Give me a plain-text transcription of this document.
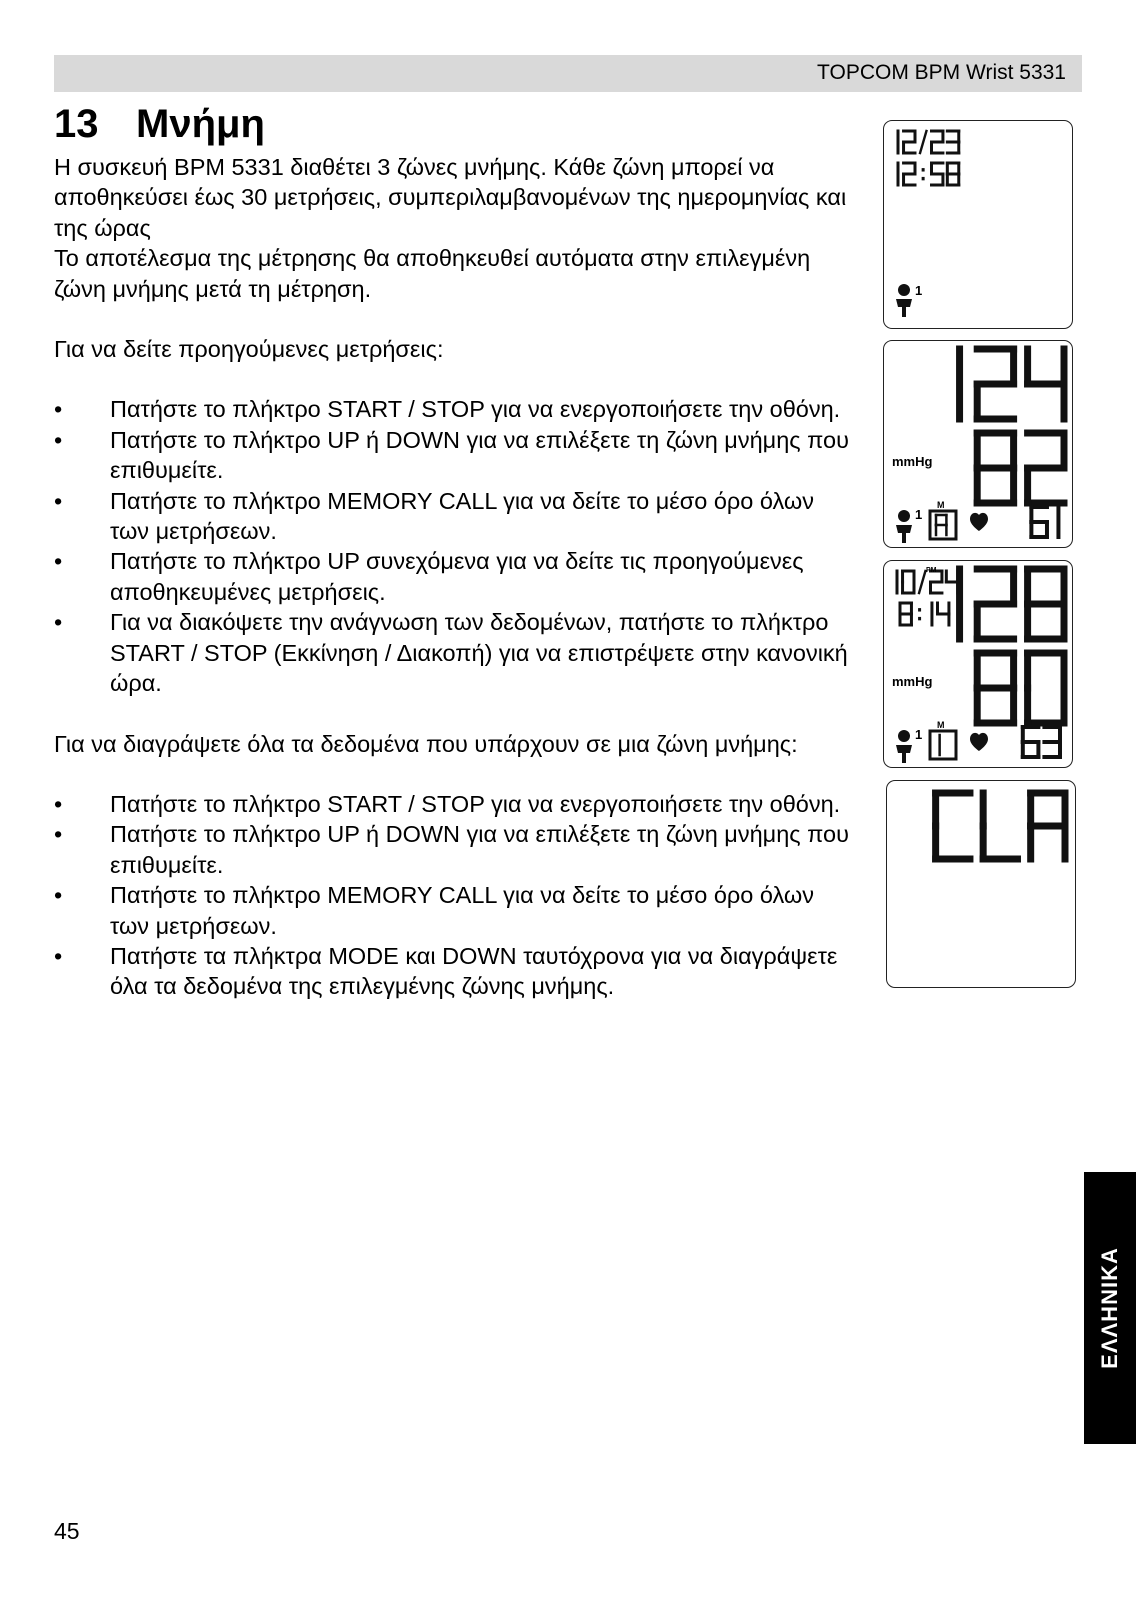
TOPCOM BPM Wrist 5331
13 Μνήμη

Η συσκευή BPM 5331 διαθέτει 3 ζώνες μνήμης. Κάθε ζώνη μπορεί να αποθηκεύσει έως 30 μετρήσεις, συμπεριλαμβανομένων της ημερομηνίας και της ώρας

Το αποτέλεσμα της μέτρησης θα αποθηκευθεί αυτόματα στην επιλεγμένη ζώνη μνήμης μετά τη μέτρηση.

Για να δείτε προηγούμενες μετρήσεις:

• Πατήστε το πλήκτρο START / STOP για να ενεργοποιήσετε την οθόνη.
• Πατήστε το πλήκτρο UP ή DOWN για να επιλέξετε τη ζώνη μνήμης που επιθυμείτε.
• Πατήστε το πλήκτρο MEMORY CALL για να δείτε το μέσο όρο όλων των μετρήσεων.
• Πατήστε το πλήκτρο UP συνεχόμενα για να δείτε τις προηγούμενες αποθηκευμένες μετρήσεις.
• Για να διακόψετε την ανάγνωση των δεδομένων, πατήστε το πλήκτρο START / STOP (Εκκίνηση / Διακοπή) για να επιστρέψετε στην κανονική ώρα.

Για να διαγράψετε όλα τα δεδομένα που υπάρχουν σε μια ζώνη μνήμης:

• Πατήστε το πλήκτρο START / STOP για να ενεργοποιήσετε την οθόνη.
• Πατήστε το πλήκτρο UP ή DOWN για να επιλέξετε τη ζώνη μνήμης που επιθυμείτε.
• Πατήστε το πλήκτρο MEMORY CALL για να δείτε το μέσο όρο όλων των μετρήσεων.
• Πατήστε τα πλήκτρα MODE και DOWN ταυτόχρονα για να διαγράψετε όλα τα δεδομένα της επιλεγμένης ζώνης μνήμης.
1
mmHg
1
M
PM
mmHg
1
M
ΕΛΛΗΝΙΚΑ
45
